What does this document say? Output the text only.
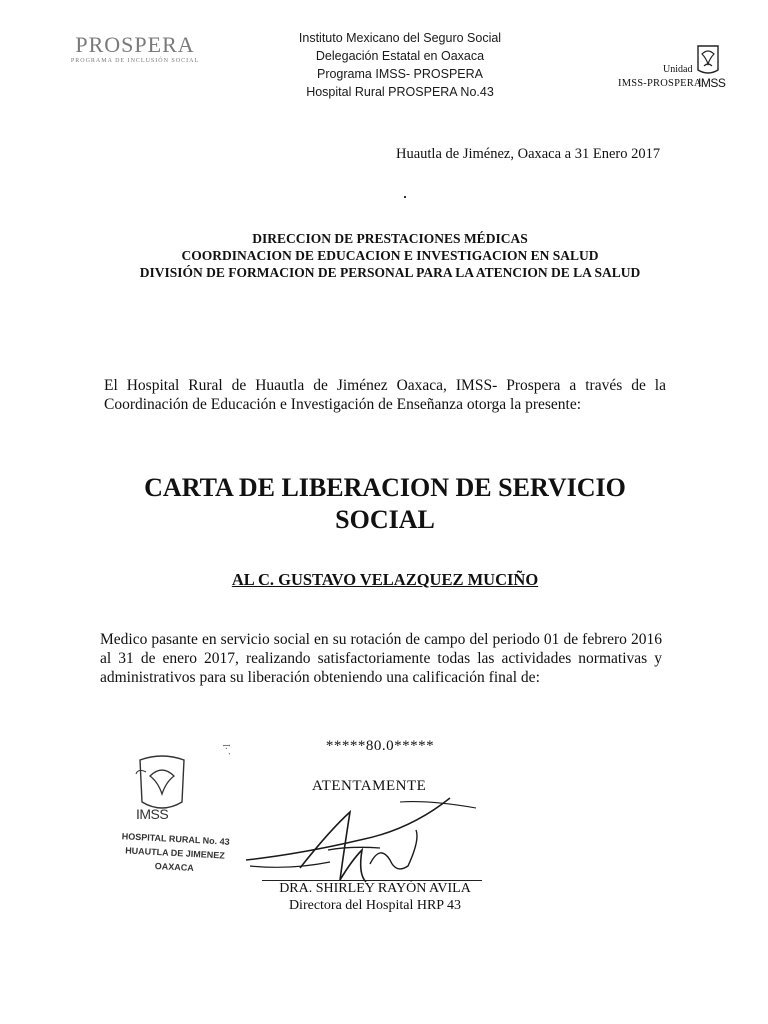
PROSPERA
PROGRAMA DE INCLUSIÓN SOCIAL
Instituto Mexicano del Seguro Social
Delegación Estatal en Oaxaca
Programa IMSS- PROSPERA
Hospital Rural PROSPERA No.43
Unidad
IMSS-PROSPERA
IMSS
Huautla de Jiménez, Oaxaca a 31 Enero 2017
DIRECCION DE PRESTACIONES MÉDICAS
COORDINACION DE EDUCACION E INVESTIGACION EN SALUD
DIVISIÓN DE FORMACION DE PERSONAL PARA LA ATENCION DE LA SALUD
El Hospital Rural de Huautla de Jiménez Oaxaca, IMSS- Prospera a través de la Coordinación de Educación e Investigación de Enseñanza otorga la presente:
CARTA DE LIBERACION DE SERVICIO
SOCIAL
AL C. GUSTAVO VELAZQUEZ MUCIÑO
Medico pasante en servicio social en su rotación de campo del periodo 01 de febrero 2016 al 31 de enero 2017, realizando satisfactoriamente todas las actividades normativas y administrativos para su liberación obteniendo una calificación final de:
*****80.0*****
. ·l
ATENTAMENTE
IMSS
HOSPITAL RURAL No. 43
HUAUTLA DE JIMENEZ
OAXACA
DRA. SHIRLEY RAYÓN AVILA
Directora del Hospital HRP 43
